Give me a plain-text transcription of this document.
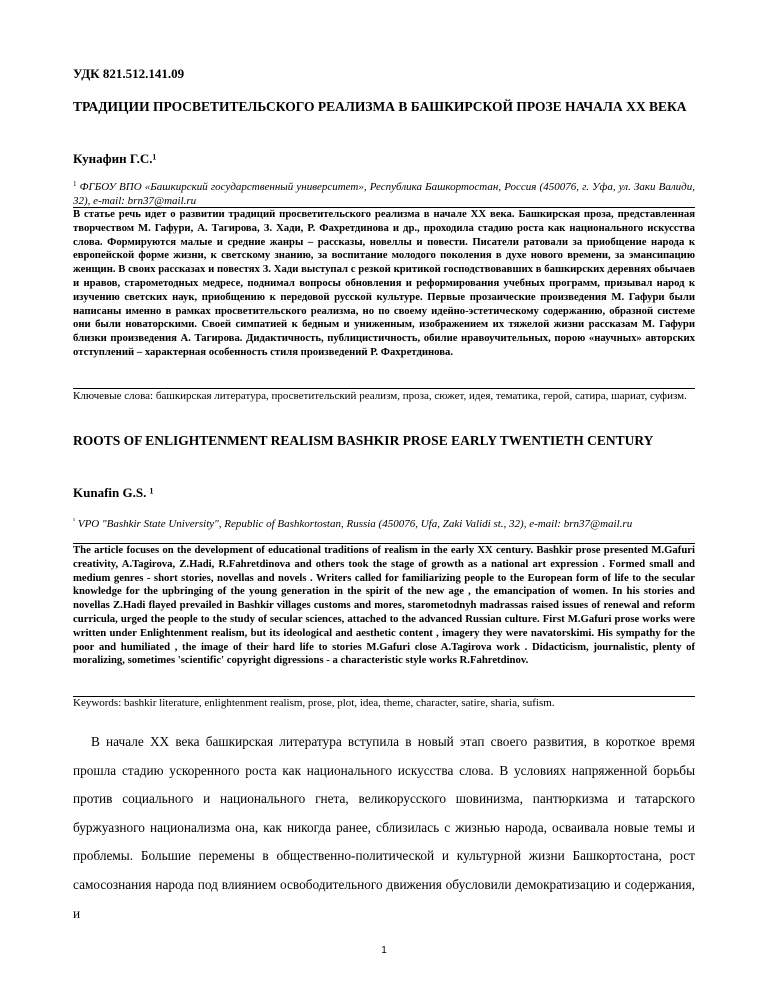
УДК 821.512.141.09
ТРАДИЦИИ ПРОСВЕТИТЕЛЬСКОГО РЕАЛИЗМА В БАШКИРСКОЙ ПРОЗЕ НАЧАЛА XX ВЕКА
Кунафин Г.С.¹
$^1$ ФГБОУ ВПО «Башкирский государственный университет», Республика Башкортостан, Россия (450076, г. Уфа, ул. Заки Валиди, 32), e-mail: brn37@mail.ru
В статье речь идет о развитии традиций просветительского реализма в начале XX века. Башкирская проза, представленная творчеством М. Гафури, А. Тагирова, З. Хади, Р. Фахретдинова и др., проходила стадию роста как национального искусства слова. Формируются малые и средние жанры – рассказы, новеллы и повести. Писатели ратовали за приобщение народа к европейской форме жизни, к светскому знанию, за воспитание молодого поколения в духе нового времени, за эмансипацию женщин. В своих рассказах и повестях З. Хади выступал с резкой критикой господствовавших в башкирских деревнях обычаев и нравов, старометодных медресе, поднимал вопросы обновления и реформирования учебных программ, призывал народ к изучению светских наук, приобщению к передовой русской культуре. Первые прозаические произведения М. Гафури были написаны именно в рамках просветительского реализма, но по своему идейно-эстетическому содержанию, образной системе они были новаторскими. Своей симпатией к бедным и униженным, изображением их тяжелой жизни рассказам М. Гафури близки произведения А. Тагирова. Дидактичность, публицистичность, обилие нравоучительных, порою «научных» авторских отступлений – характерная особенность стиля произведений Р. Фахретдинова.
Ключевые слова: башкирская литература, просветительский реализм, проза, сюжет, идея, тематика, герой, сатира, шариат, суфизм.
ROOTS OF ENLIGHTENMENT REALISM BASHKIR PROSE EARLY TWENTIETH CENTURY
Kunafin G.S. ¹
$^{^1}$ VPO "Bashkir State University", Republic of Bashkortostan, Russia (450076, Ufa, Zaki Validi st., 32), e-mail: brn37@mail.ru
The article focuses on the development of educational traditions of realism in the early XX century. Bashkir prose presented M.Gafuri creativity, A.Tagirova, Z.Hadi, R.Fahretdinova and others took the stage of growth as a national art expression . Formed small and medium genres - short stories, novellas and novels . Writers called for familiarizing people to the European form of life to the secular knowledge for the upbringing of the young generation in the spirit of the new age , the emancipation of women. In his stories and novellas Z.Hadi flayed prevailed in Bashkir villages customs and mores, starometodnyh madrassas raised issues of renewal and reform curricula, urged the people to the study of secular sciences, attached to the advanced Russian culture. First M.Gafuri prose works were written under Enlightenment realism, but its ideological and aesthetic content , imagery they were navatorskimi. His sympathy for the poor and humiliated , the image of their hard life to stories M.Gafuri close A.Tagirova work . Didacticism, journalistic, plenty of moralizing, sometimes 'scientific' copyright digressions - a characteristic style works R.Fahretdinov.
Keywords: bashkir literature, enlightenment realism, prose, plot, idea, theme, character, satire, sharia, sufism.
В начале XX века башкирская литература вступила в новый этап своего развития, в короткое время прошла стадию ускоренного роста как национального искусства слова. В условиях напряженной борьбы против социального и национального гнета, великорусского шовинизма, пантюркизма и татарского буржуазного национализма она, как никогда ранее, сблизилась с жизнью народа, осваивала новые темы и проблемы. Большие перемены в общественно-политической и культурной жизни Башкортостана, рост самосознания народа под влиянием освободительного движения обусловили демократизацию и содержания, и
1
